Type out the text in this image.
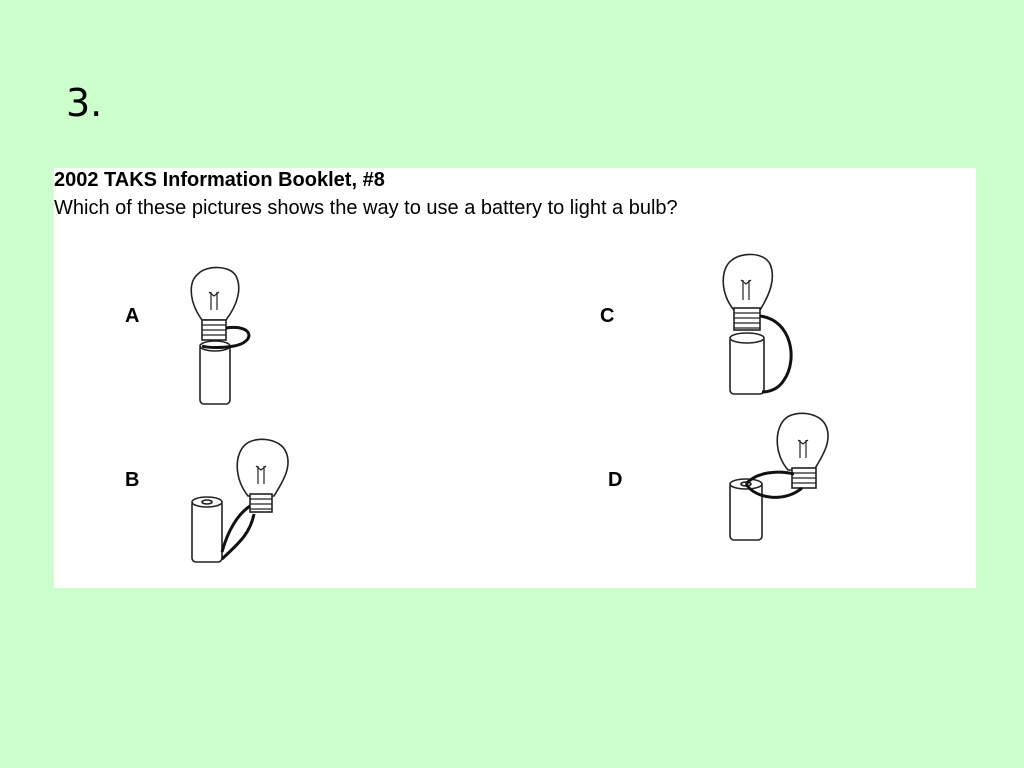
3.
2002 TAKS Information Booklet, #8
Which of these pictures shows the way to use a battery to light a bulb?
A
B
C
D
